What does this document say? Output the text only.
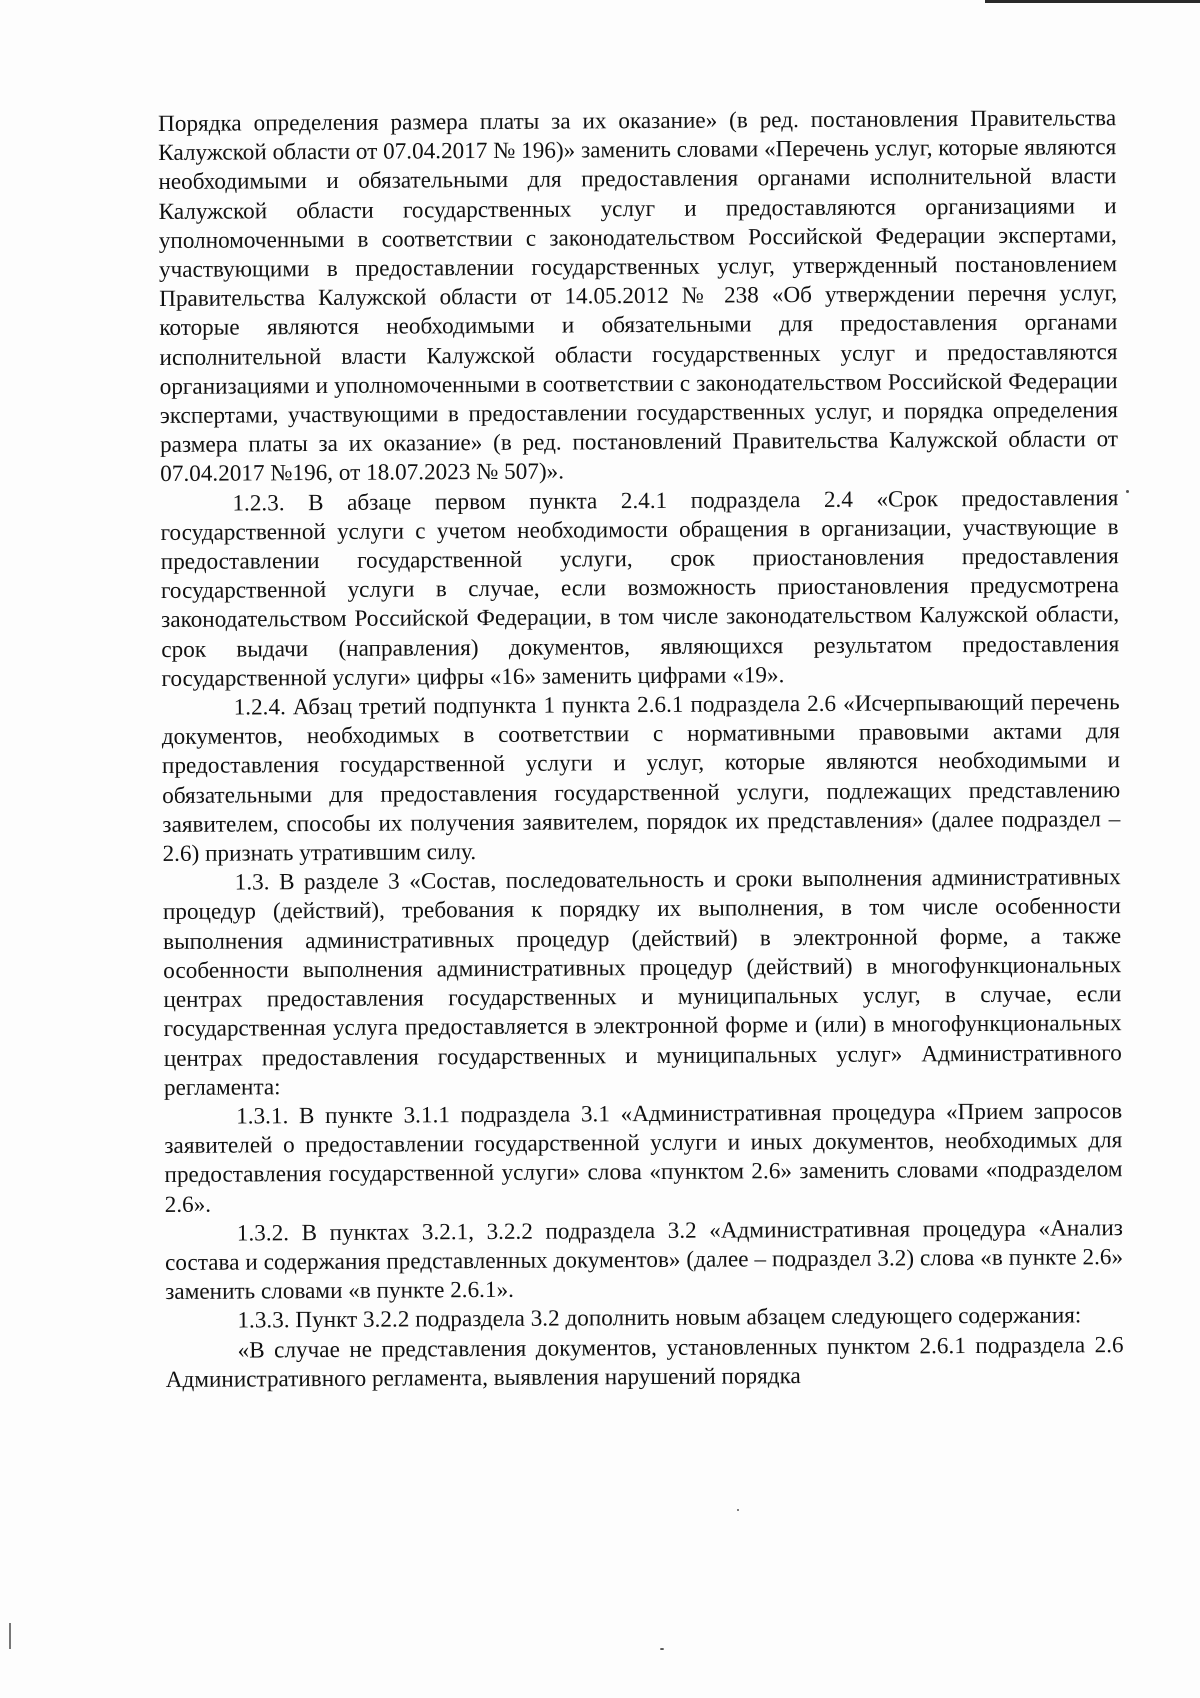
Порядка определения размера платы за их оказание» (в ред. постановления Правительства Калужской области от 07.04.2017 № 196)» заменить словами «Перечень услуг, которые являются необходимыми и обязательными для предоставления органами исполнительной власти Калужской области государственных услуг и предоставляются организациями и уполномоченными в соответствии с законодательством Российской Федерации экспертами, участвующими в предоставлении государственных услуг, утвержденный постановлением Правительства Калужской области от 14.05.2012 № 238 «Об утверждении перечня услуг, которые являются необходимыми и обязательными для предоставления органами исполнительной власти Калужской области государственных услуг и предоставляются организациями и уполномоченными в соответствии с законодательством Российской Федерации экспертами, участвующими в предоставлении государственных услуг, и порядка определения размера платы за их оказание» (в ред. постановлений Правительства Калужской области от 07.04.2017 №196, от 18.07.2023 № 507)».

1.2.3. В абзаце первом пункта 2.4.1 подраздела 2.4 «Срок предоставления государственной услуги с учетом необходимости обращения в организации, участвующие в предоставлении государственной услуги, срок приостановления предоставления государственной услуги в случае, если возможность приостановления предусмотрена законодательством Российской Федерации, в том числе законодательством Калужской области, срок выдачи (направления) документов, являющихся результатом предоставления государственной услуги» цифры «16» заменить цифрами «19».

1.2.4. Абзац третий подпункта 1 пункта 2.6.1 подраздела 2.6 «Исчерпывающий перечень документов, необходимых в соответствии с нормативными правовыми актами для предоставления государственной услуги и услуг, которые являются необходимыми и обязательными для предоставления государственной услуги, подлежащих представлению заявителем, способы их получения заявителем, порядок их представления» (далее подраздел – 2.6) признать утратившим силу.

1.3. В разделе 3 «Состав, последовательность и сроки выполнения административных процедур (действий), требования к порядку их выполнения, в том числе особенности выполнения административных процедур (действий) в электронной форме, а также особенности выполнения административных процедур (действий) в многофункциональных центрах предоставления государственных и муниципальных услуг, в случае, если государственная услуга предоставляется в электронной форме и (или) в многофункциональных центрах предоставления государственных и муниципальных услуг» Административного регламента:

1.3.1. В пункте 3.1.1 подраздела 3.1 «Административная процедура «Прием запросов заявителей о предоставлении государственной услуги и иных документов, необходимых для предоставления государственной услуги» слова «пунктом 2.6» заменить словами «подразделом 2.6».

1.3.2. В пунктах 3.2.1, 3.2.2 подраздела 3.2 «Административная процедура «Анализ состава и содержания представленных документов» (далее – подраздел 3.2) слова «в пункте 2.6» заменить словами «в пункте 2.6.1».

1.3.3. Пункт 3.2.2 подраздела 3.2 дополнить новым абзацем следующего содержания:

«В случае не представления документов, установленных пунктом 2.6.1 подраздела 2.6 Административного регламента, выявления нарушений порядка
